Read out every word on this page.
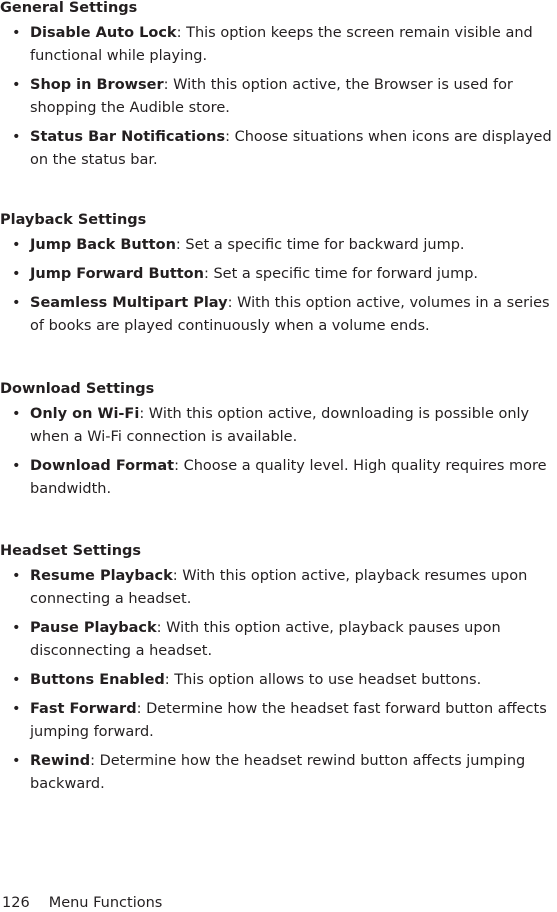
General Settings
• Disable Auto Lock: This option keeps the screen remain visible and functional while playing.
• Shop in Browser: With this option active, the Browser is used for shopping the Audible store.
• Status Bar Notifications: Choose situations when icons are displayed on the status bar.
Playback Settings
• Jump Back Button: Set a specific time for backward jump.
• Jump Forward Button: Set a specific time for forward jump.
• Seamless Multipart Play: With this option active, volumes in a series of books are played continuously when a volume ends.
Download Settings
• Only on Wi-Fi: With this option active, downloading is possible only when a Wi-Fi connection is available.
• Download Format: Choose a quality level. High quality requires more bandwidth.
Headset Settings
• Resume Playback: With this option active, playback resumes upon connecting a headset.
• Pause Playback: With this option active, playback pauses upon disconnecting a headset.
• Buttons Enabled: This option allows to use headset buttons.
• Fast Forward: Determine how the headset fast forward button affects jumping forward.
• Rewind: Determine how the headset rewind button affects jumping backward.
126 Menu Functions
